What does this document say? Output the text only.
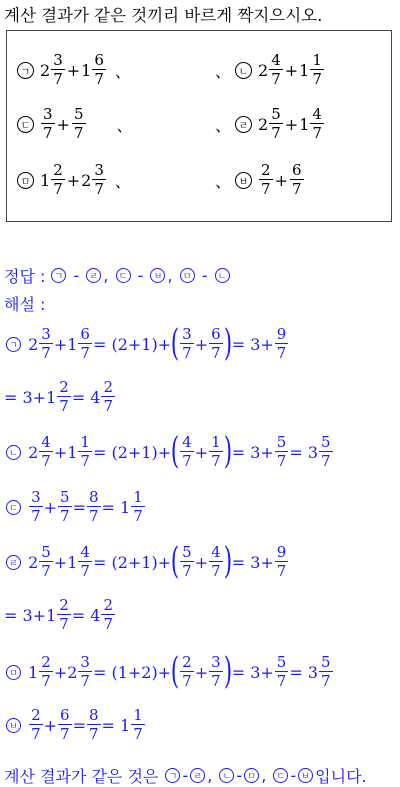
계산 결과가 같은 것끼리 바르게 짝지으시오.
ㄱ $2 \frac{3}{7} + 1 \frac{6}{7}$ 、	、 ㄴ $2 \frac{4}{7} + 1 \frac{1}{7}$
ㄷ $\frac{3}{7} + \frac{5}{7}$ 、	、 ㄹ $2 \frac{5}{7} + 1 \frac{4}{7}$
ㅁ $1 \frac{2}{7} + 2 \frac{3}{7}$ 、	、 ㅂ $\frac{2}{7} + \frac{6}{7}$
정답 :	ㄱ - ㄹ , ㄷ - ㅂ , ㅁ - ㄴ
해설 :
ㄱ $2 \frac{3}{7} +1 \frac{6}{7} = (2+1)+$ ( $\frac{3}{7} + \frac{6}{7}$ ) = $3+ \frac{9}{7}$
= $3+1 \frac{2}{7} = 4 \frac{2}{7}$
ㄴ $2 \frac{4}{7} +1 \frac{1}{7} = (2+1)+$ ( $\frac{4}{7} + \frac{1}{7}$ ) = $3+ \frac{5}{7} = 3 \frac{5}{7}$
ㄷ
$\frac{3}{7} + \frac{5}{7} = \frac{8}{7} = 1 \frac{1}{7}$
ㄹ $2 \frac{5}{7} +1 \frac{4}{7} = (2+1)+$ ( $\frac{5}{7} + \frac{4}{7}$ ) = $3+ \frac{9}{7}$
= $3+1 \frac{2}{7} = 4 \frac{2}{7}$
ㅁ $1 \frac{2}{7} +2 \frac{3}{7} = (1+2)+$ ( $\frac{2}{7} + \frac{3}{7}$ ) = $3+ \frac{5}{7} = 3 \frac{5}{7}$
ㅂ
$\frac{2}{7} + \frac{6}{7} = \frac{8}{7} = 1 \frac{1}{7}$
계산 결과가 같은 것은
	ㄱ - ㄹ , ㄴ - ㅁ , ㄷ - ㅂ 입니다.
